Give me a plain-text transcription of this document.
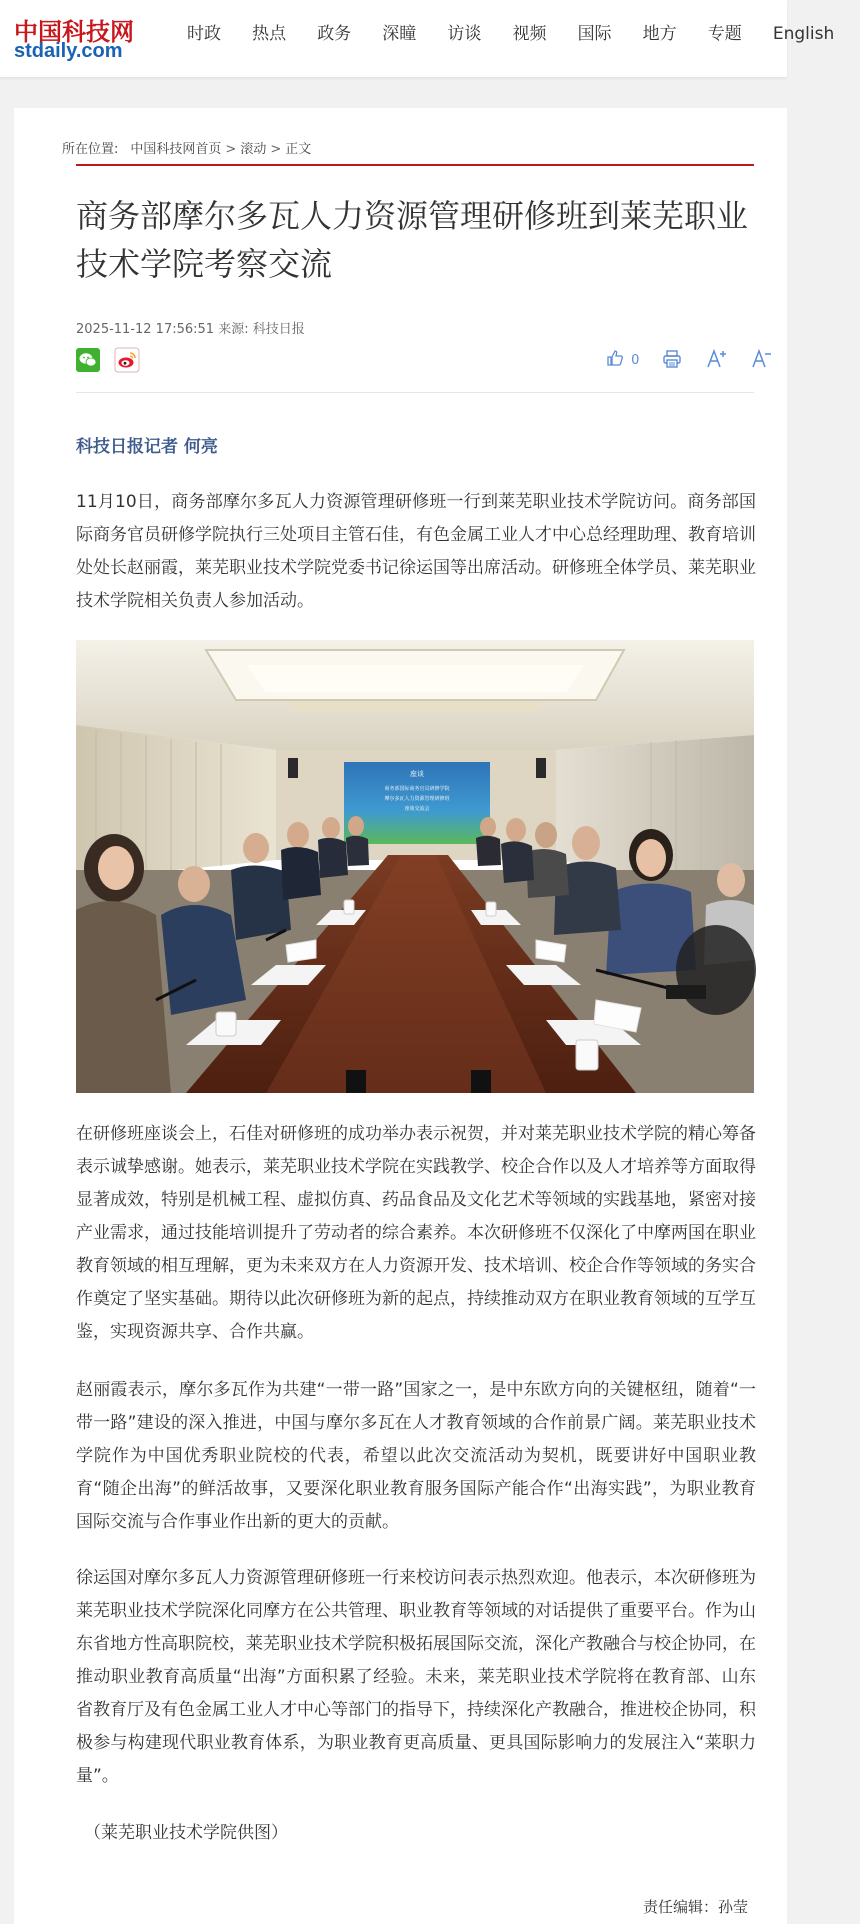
中国科技网
stdaily.com
时政 热点 政务 深瞳 访谈 视频 国际 地方 专题 English
所在位置: 中国科技网首页 > 滚动 > 正文
商务部摩尔多瓦人力资源管理研修班到莱芜职业技术学院考察交流
2025-11-12 17:56:51 来源: 科技日报

0
科技日报记者 何亮

11月10日，商务部摩尔多瓦人力资源管理研修班一行到莱芜职业技术学院访问。商务部国际商务官员研修学院执行三处项目主管石佳，有色金属工业人才中心总经理助理、教育培训处处长赵丽霞，莱芜职业技术学院党委书记徐运国等出席活动。研修班全体学员、莱芜职业技术学院相关负责人参加活动。

座谈
商务部国际商务官员研修学院
摩尔多瓦人力资源管理研修班
座谈交流会

在研修班座谈会上，石佳对研修班的成功举办表示祝贺，并对莱芜职业技术学院的精心筹备表示诚挚感谢。她表示，莱芜职业技术学院在实践教学、校企合作以及人才培养等方面取得显著成效，特别是机械工程、虚拟仿真、药品食品及文化艺术等领域的实践基地，紧密对接产业需求，通过技能培训提升了劳动者的综合素养。本次研修班不仅深化了中摩两国在职业教育领域的相互理解，更为未来双方在人力资源开发、技术培训、校企合作等领域的务实合作奠定了坚实基础。期待以此次研修班为新的起点，持续推动双方在职业教育领域的互学互鉴，实现资源共享、合作共赢。

赵丽霞表示，摩尔多瓦作为共建“一带一路”国家之一，是中东欧方向的关键枢纽，随着“一带一路”建设的深入推进，中国与摩尔多瓦在人才教育领域的合作前景广阔。莱芜职业技术学院作为中国优秀职业院校的代表，希望以此次交流活动为契机，既要讲好中国职业教育“随企出海”的鲜活故事，又要深化职业教育服务国际产能合作“出海实践”，为职业教育国际交流与合作事业作出新的更大的贡献。

徐运国对摩尔多瓦人力资源管理研修班一行来校访问表示热烈欢迎。他表示，本次研修班为莱芜职业技术学院深化同摩方在公共管理、职业教育等领域的对话提供了重要平台。作为山东省地方性高职院校，莱芜职业技术学院积极拓展国际交流，深化产教融合与校企协同，在推动职业教育高质量“出海”方面积累了经验。未来，莱芜职业技术学院将在教育部、山东省教育厅及有色金属工业人才中心等部门的指导下，持续深化产教融合，推进校企协同，积极参与构建现代职业教育体系，为职业教育更高质量、更具国际影响力的发展注入“莱职力量”。

（莱芜职业技术学院供图）
责任编辑：孙莹
